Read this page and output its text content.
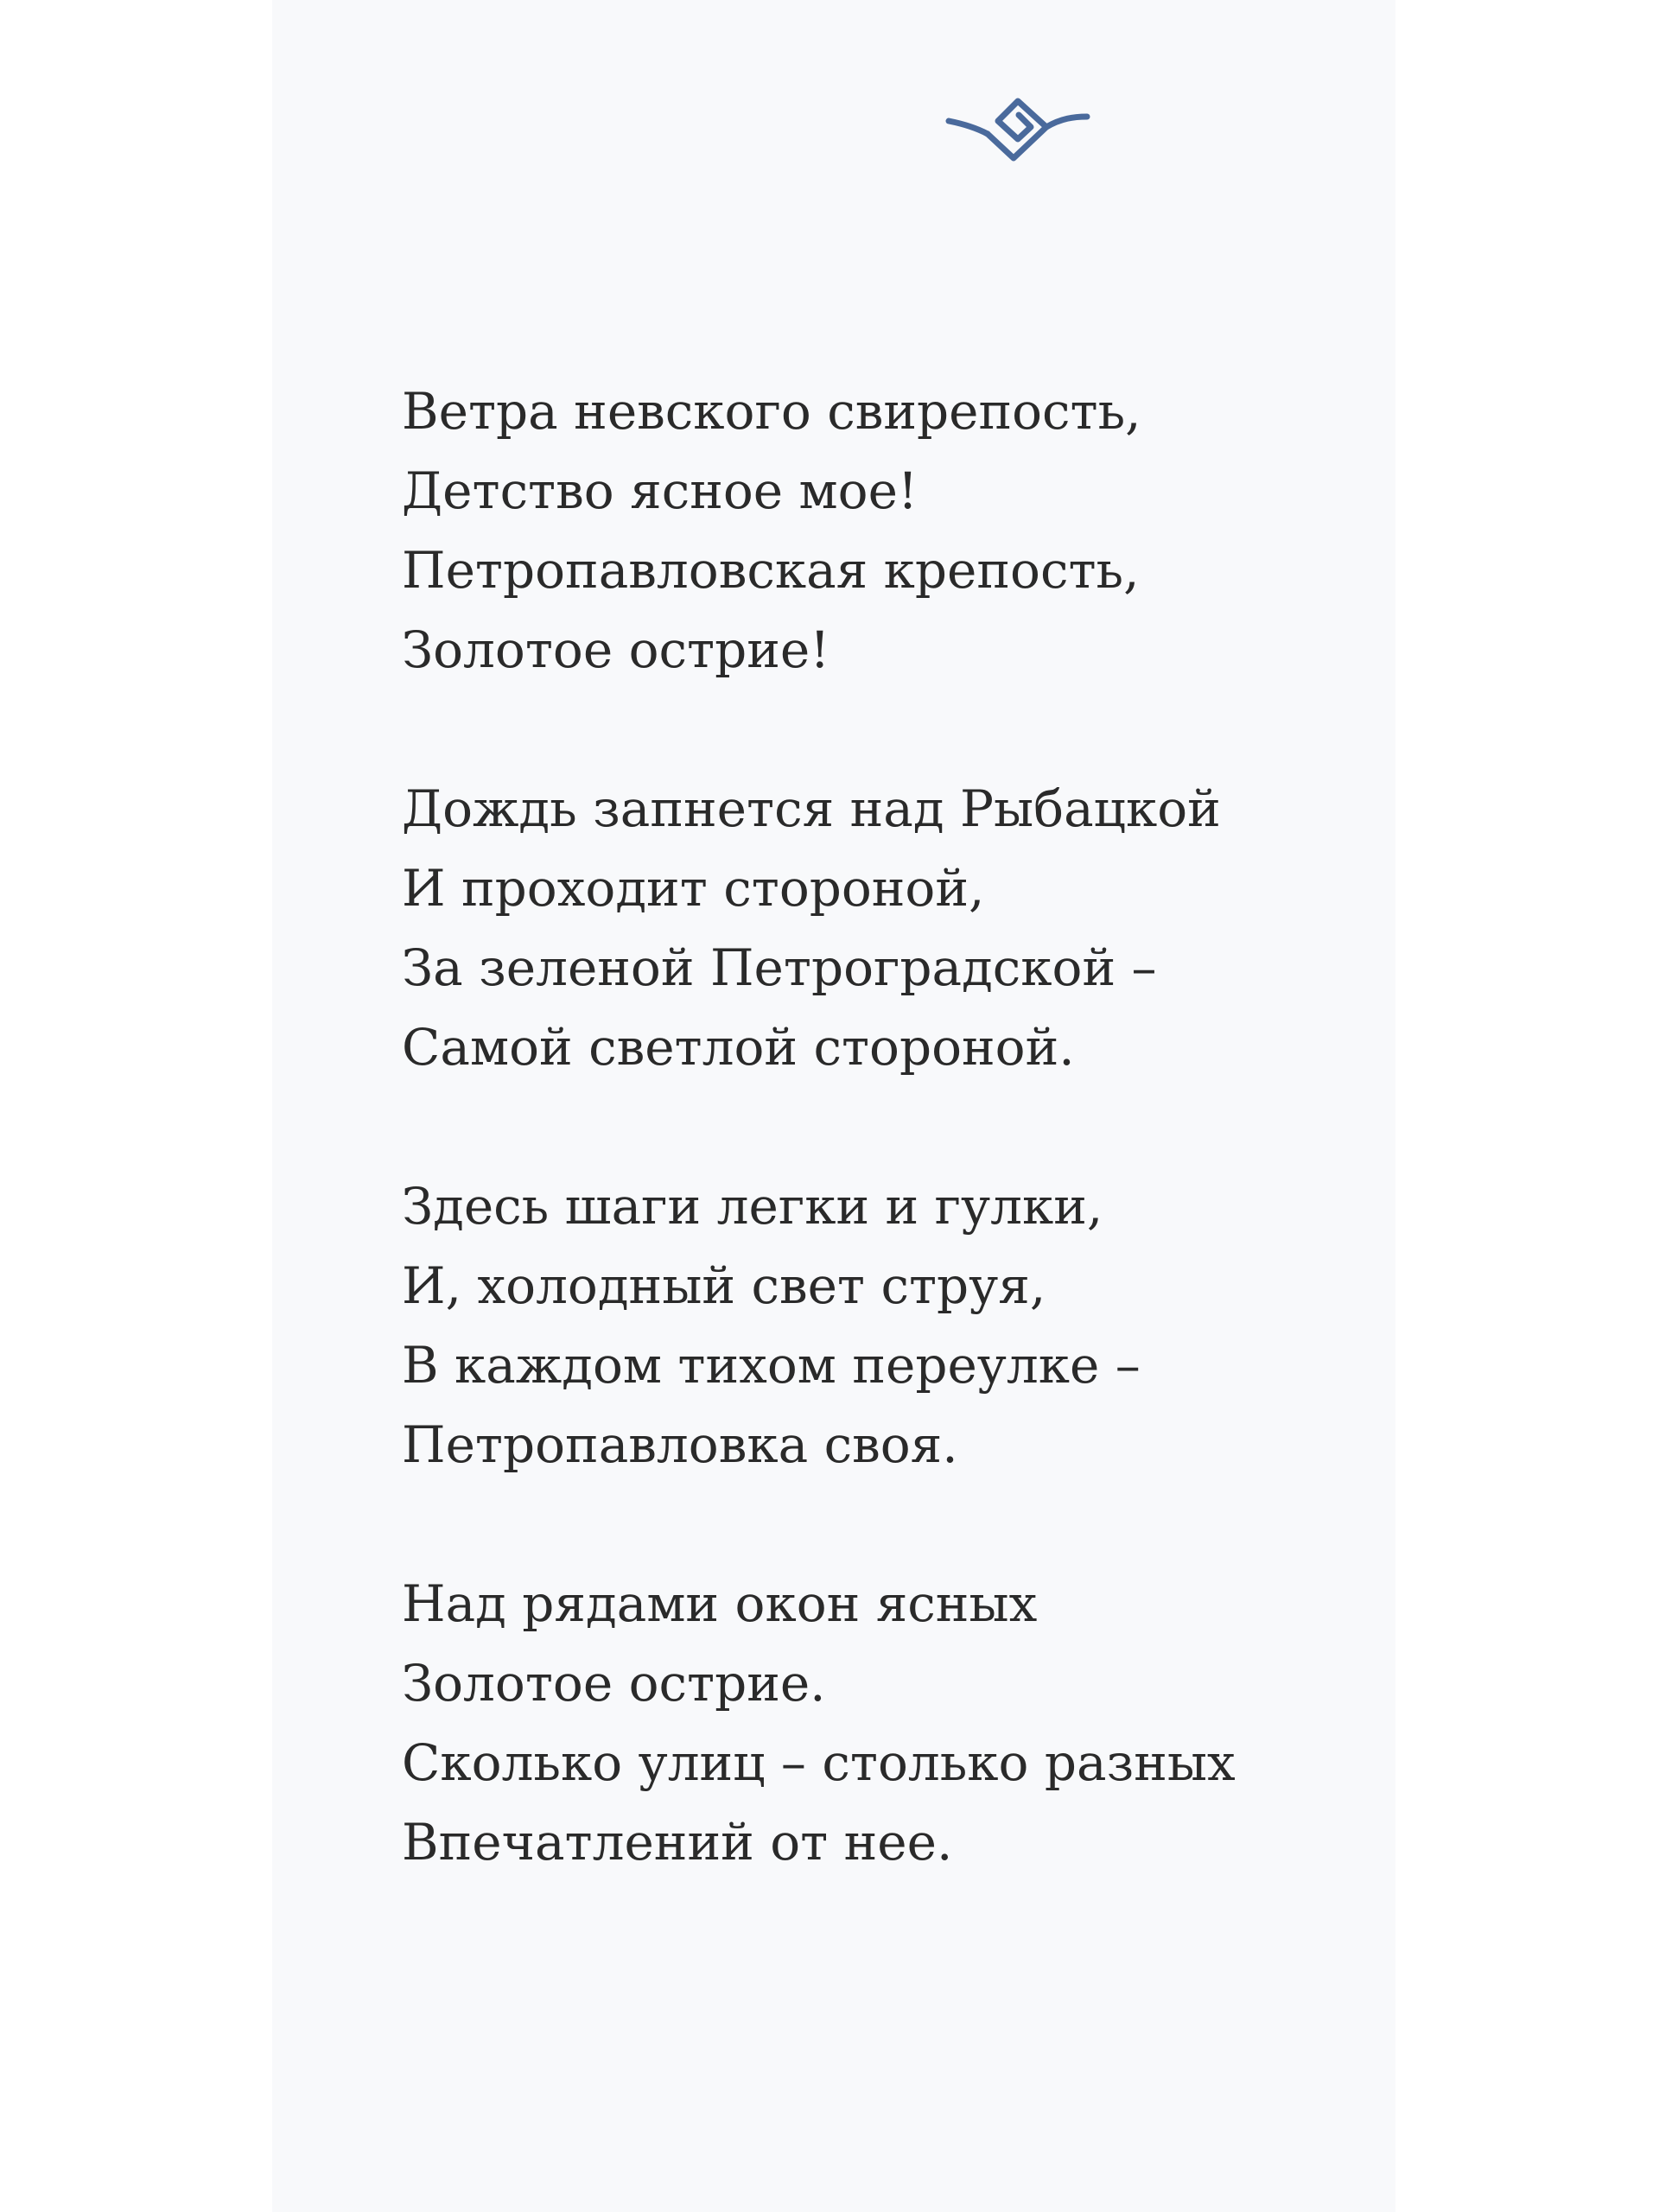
Ветра невского свирепость,
Детство ясное мое!
Петропавловская крепость,
Золотое острие!
Дождь запнется над Рыбацкой
И проходит стороной,
За зеленой Петроградской –
Самой светлой стороной.
Здесь шаги легки и гулки,
И, холодный свет струя,
В каждом тихом переулке –
Петропавловка своя.
Над рядами окон ясных
Золотое острие.
Сколько улиц – столько разных
Впечатлений от нее.
